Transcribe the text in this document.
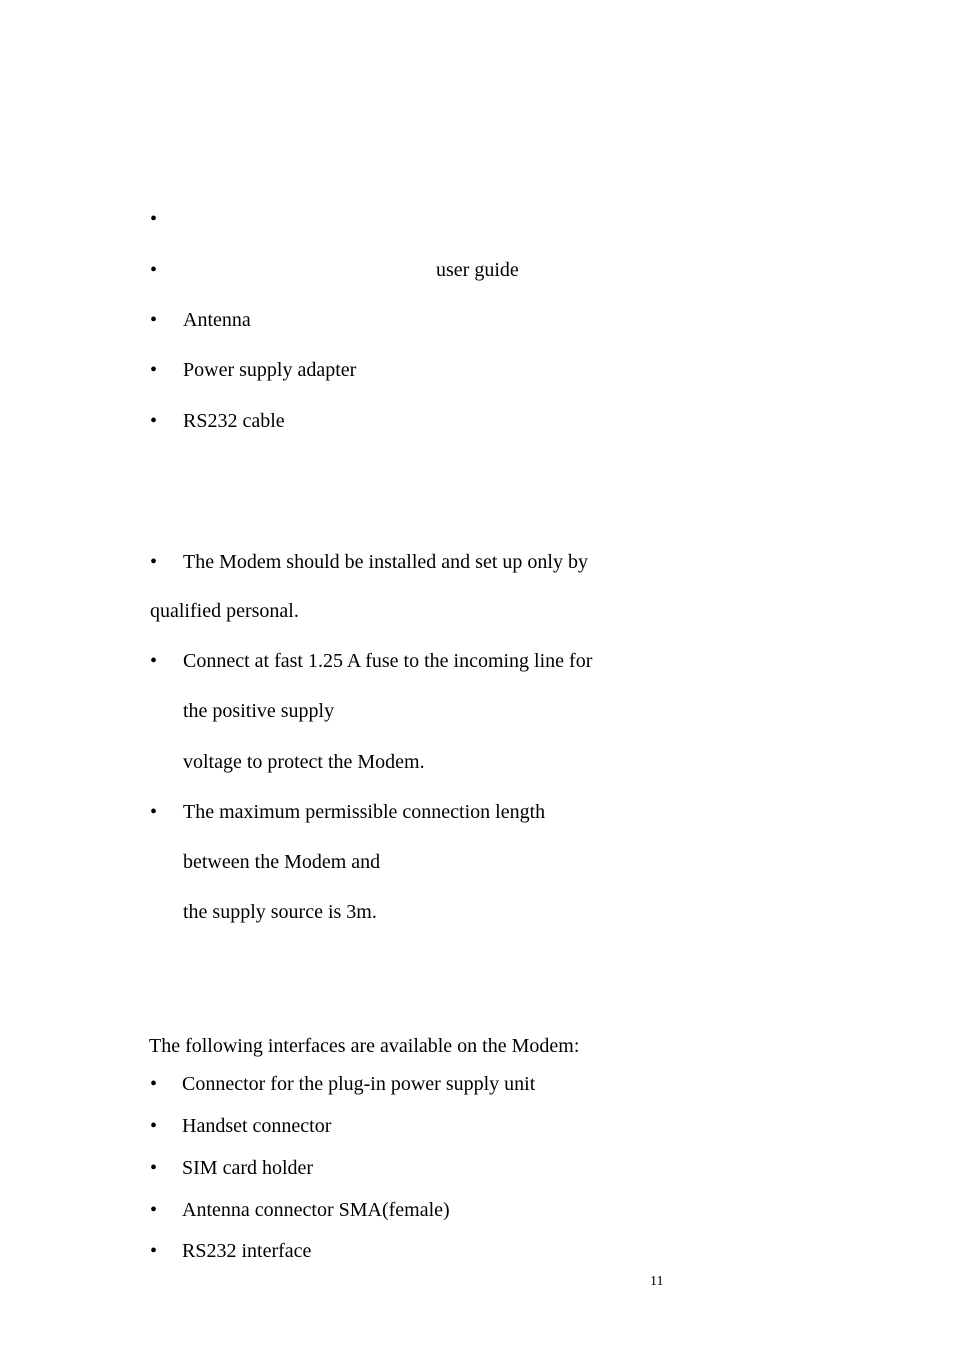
•
•	user guide
• Antenna
• Power supply adapter
• RS232 cable
• The Modem should be installed and set up only by
qualified personal.
• Connect at fast 1.25 A fuse to the incoming line for
the positive supply
voltage to protect the Modem.
• The maximum permissible connection length
between the Modem and
the supply source is 3m.
The following interfaces are available on the Modem:
• Connector for the plug-in power supply unit
• Handset connector
• SIM card holder
• Antenna connector SMA(female)
• RS232 interface
11
